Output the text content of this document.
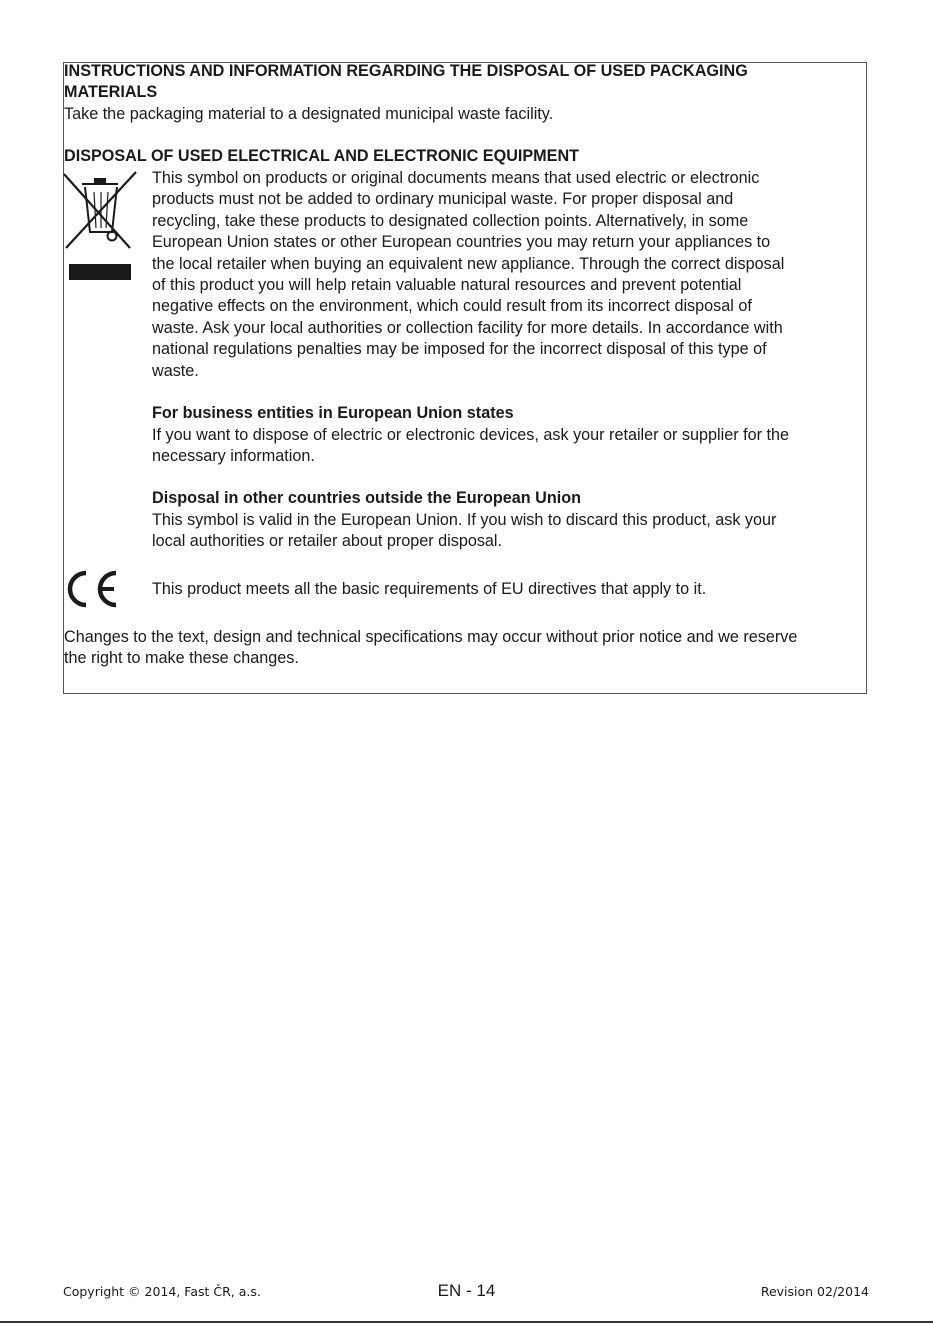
INSTRUCTIONS AND INFORMATION REGARDING THE DISPOSAL OF USED PACKAGING
MATERIALS
Take the packaging material to a designated municipal waste facility.
DISPOSAL OF USED ELECTRICAL AND ELECTRONIC EQUIPMENT
This symbol on products or original documents means that used electric or electronic
products must not be added to ordinary municipal waste. For proper disposal and
recycling, take these products to designated collection points. Alternatively, in some
European Union states or other European countries you may return your appliances to
the local retailer when buying an equivalent new appliance. Through the correct disposal
of this product you will help retain valuable natural resources and prevent potential
negative effects on the environment, which could result from its incorrect disposal of
waste. Ask your local authorities or collection facility for more details. In accordance with
national regulations penalties may be imposed for the incorrect disposal of this type of
waste.
For business entities in European Union states
If you want to dispose of electric or electronic devices, ask your retailer or supplier for the
necessary information.
Disposal in other countries outside the European Union
This symbol is valid in the European Union. If you wish to discard this product, ask your
local authorities or retailer about proper disposal.
This product meets all the basic requirements of EU directives that apply to it.
Changes to the text, design and technical specifications may occur without prior notice and we reserve
the right to make these changes.
Copyright © 2014, Fast ČR, a.s.	EN - 14	Revision 02/2014
